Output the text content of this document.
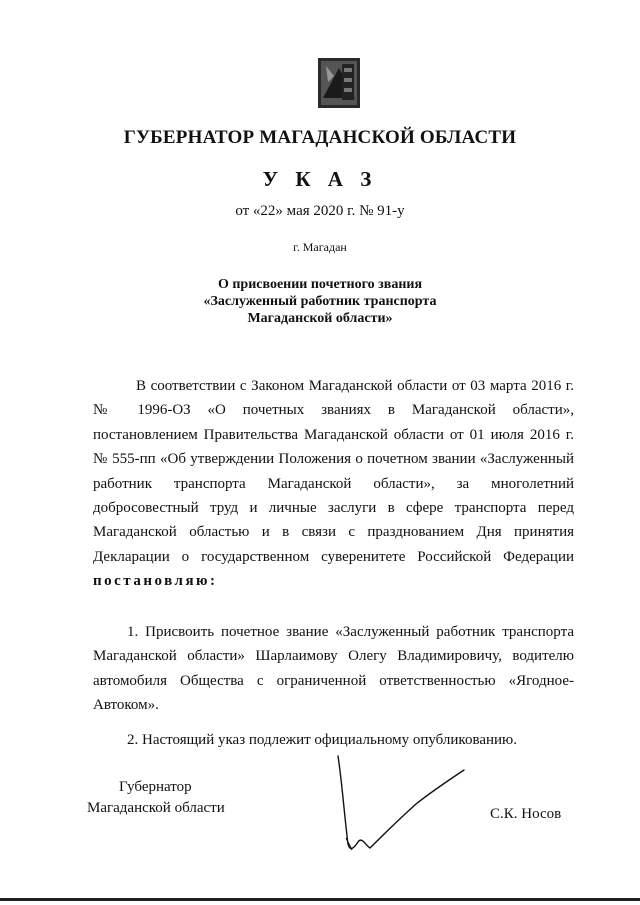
ГУБЕРНАТОР МАГАДАНСКОЙ ОБЛАСТИ
У К А З
от «22» мая 2020 г. № 91-у
г. Магадан
О присвоении почетного звания
«Заслуженный работник транспорта
Магаданской области»
В соответствии с Законом Магаданской области от 03 марта 2016 г. № 1996-ОЗ «О почетных званиях в Магаданской области», постановлением Правительства Магаданской области от 01 июля 2016 г. № 555-пп «Об утверждении Положения о почетном звании «Заслуженный работник транспорта Магаданской области», за многолетний добросовестный труд и личные заслуги в сфере транспорта перед Магаданской областью и в связи с празднованием Дня принятия Декларации о государственном суверенитете Российской Федерации постановляю:
1. Присвоить почетное звание «Заслуженный работник транспорта Магаданской области» Шарлаимову Олегу Владимировичу, водителю автомобиля Общества с ограниченной ответственностью «Ягодное-Автоком».
2. Настоящий указ подлежит официальному опубликованию.
Губернатор
Магаданской области	С.К. Носов
